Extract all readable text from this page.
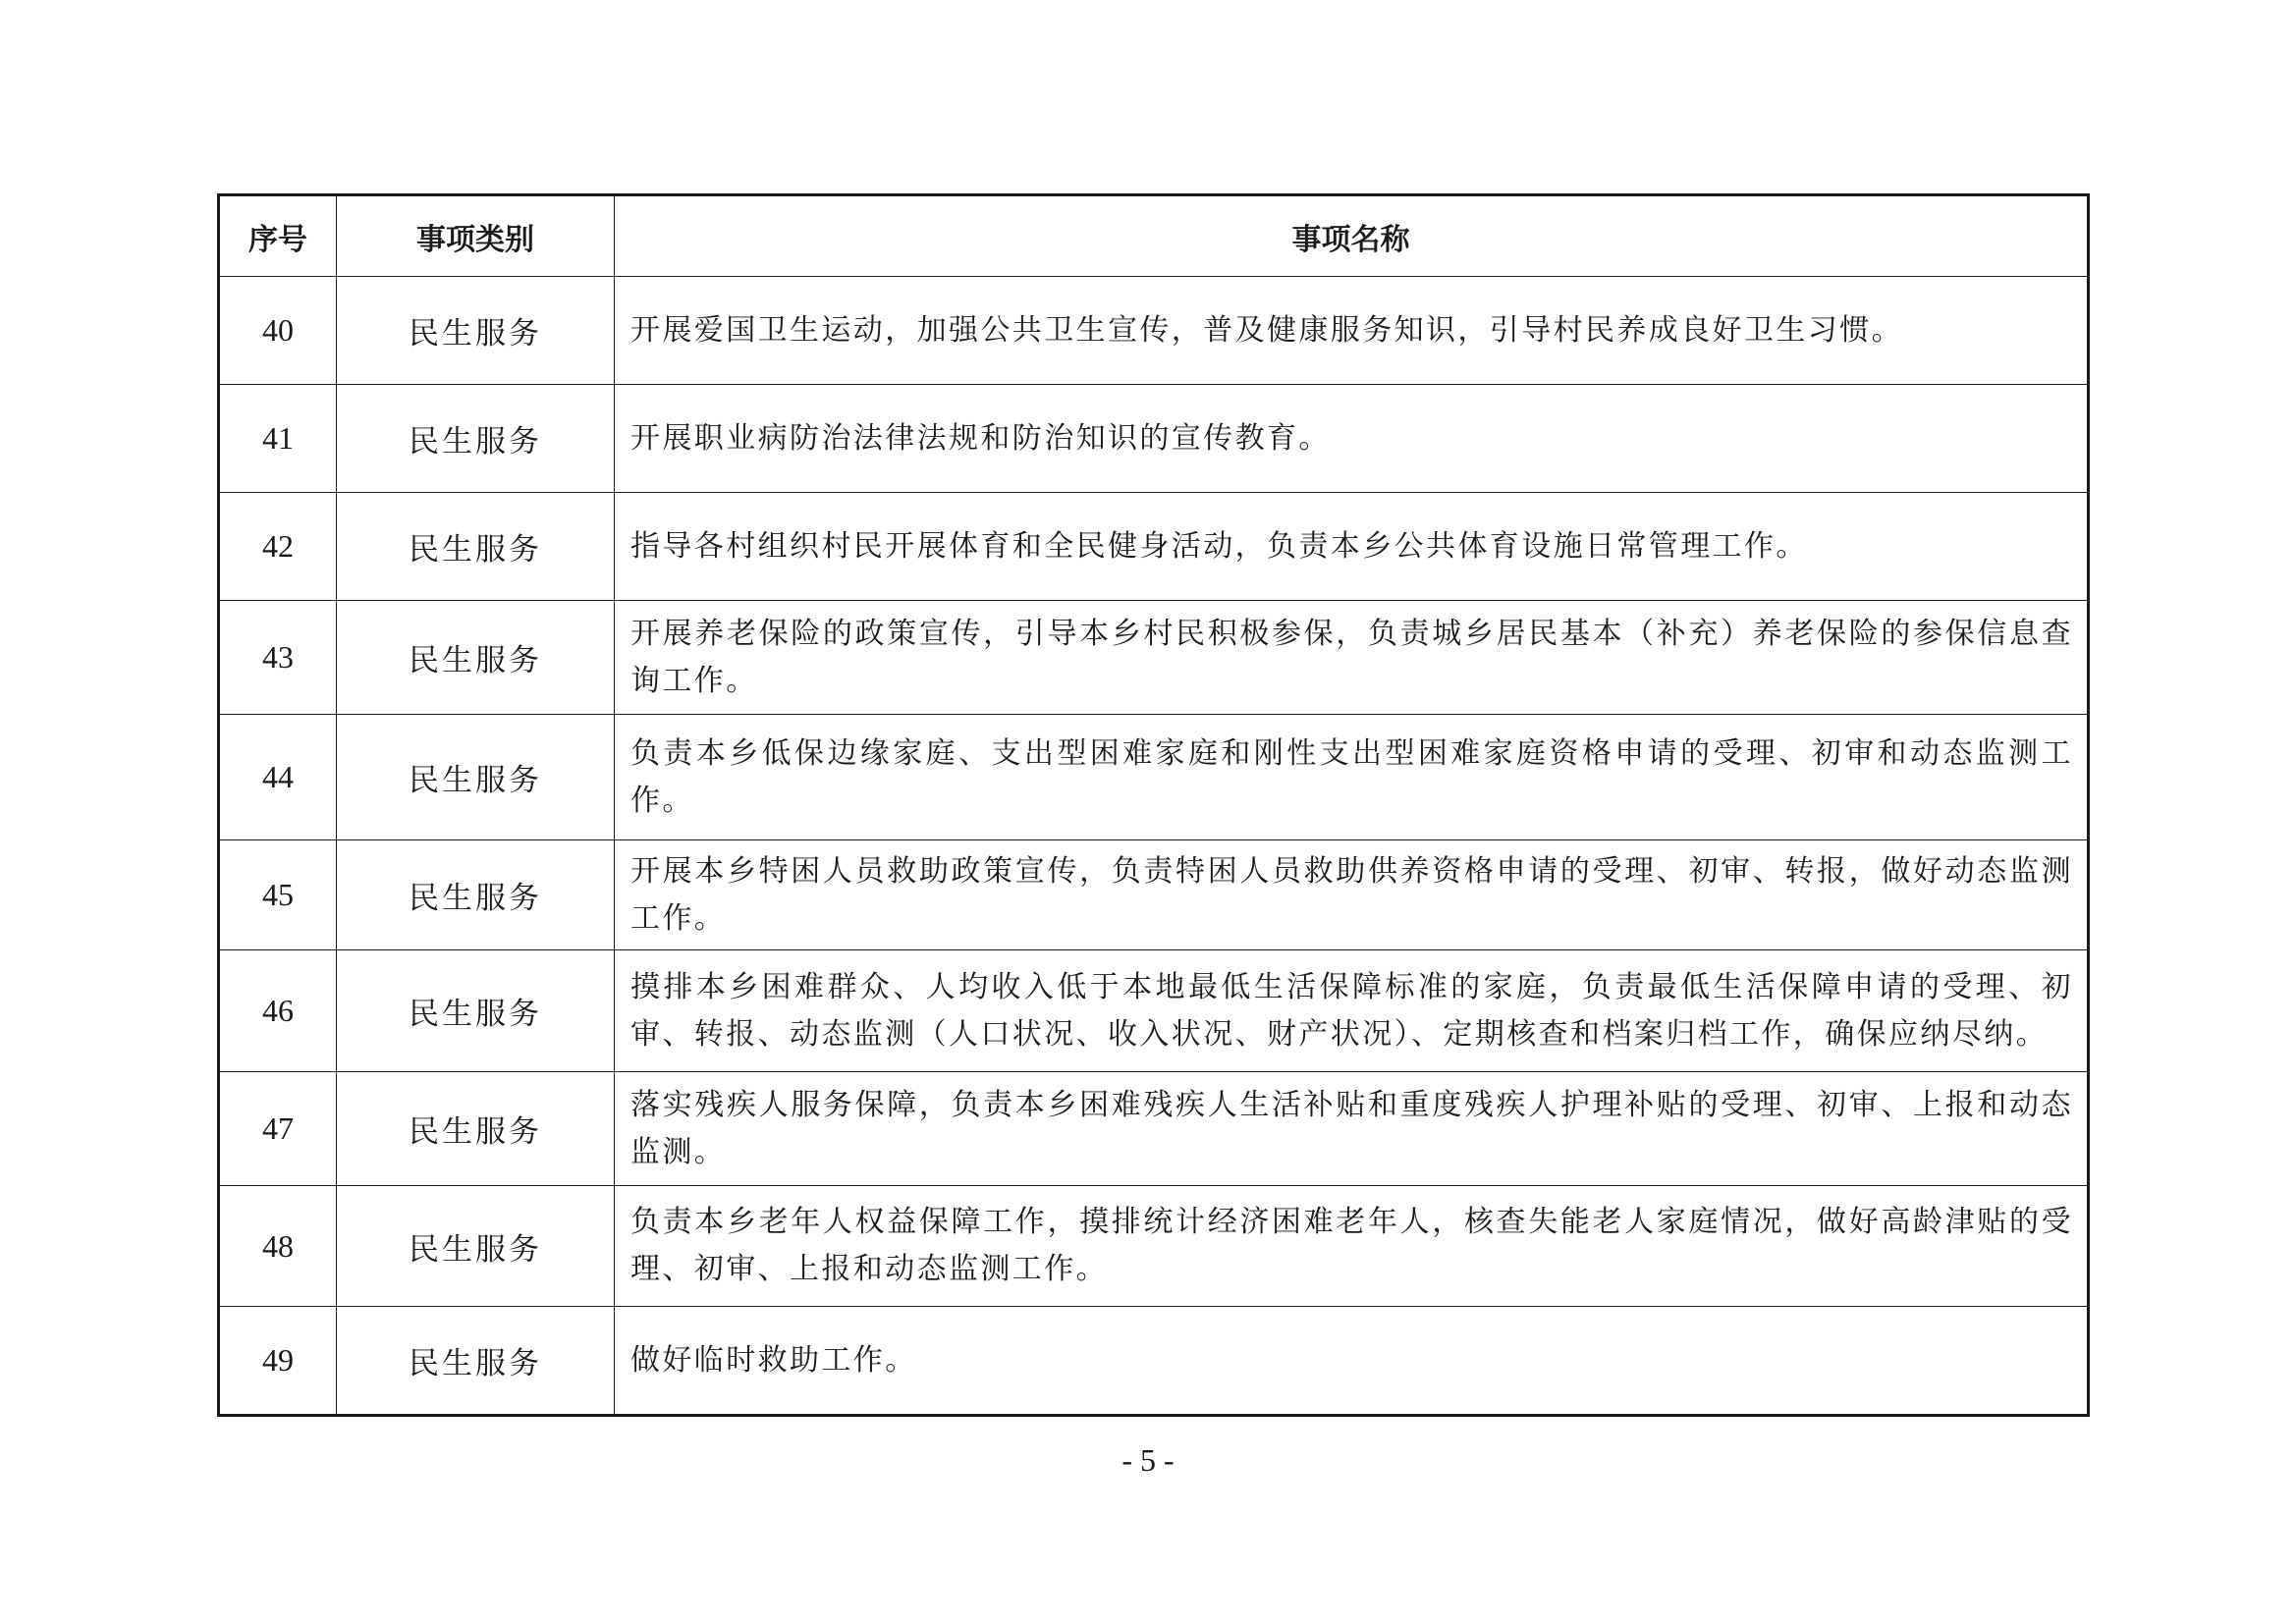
序号	事项类别	事项名称
40	民生服务	开展爱国卫生运动，加强公共卫生宣传，普及健康服务知识，引导村民养成良好卫生习惯。
41	民生服务	开展职业病防治法律法规和防治知识的宣传教育。
42	民生服务	指导各村组织村民开展体育和全民健身活动，负责本乡公共体育设施日常管理工作。
43	民生服务	开展养老保险的政策宣传，引导本乡村民积极参保，负责城乡居民基本（补充）养老保险的参保信息查询工作。
44	民生服务	负责本乡低保边缘家庭、支出型困难家庭和刚性支出型困难家庭资格申请的受理、初审和动态监测工作。
45	民生服务	开展本乡特困人员救助政策宣传，负责特困人员救助供养资格申请的受理、初审、转报，做好动态监测工作。
46	民生服务	摸排本乡困难群众、人均收入低于本地最低生活保障标准的家庭，负责最低生活保障申请的受理、初审、转报、动态监测（人口状况、收入状况、财产状况）、定期核查和档案归档工作，确保应纳尽纳。
47	民生服务	落实残疾人服务保障，负责本乡困难残疾人生活补贴和重度残疾人护理补贴的受理、初审、上报和动态监测。
48	民生服务	负责本乡老年人权益保障工作，摸排统计经济困难老年人，核查失能老人家庭情况，做好高龄津贴的受理、初审、上报和动态监测工作。
49	民生服务	做好临时救助工作。
- 5 -
